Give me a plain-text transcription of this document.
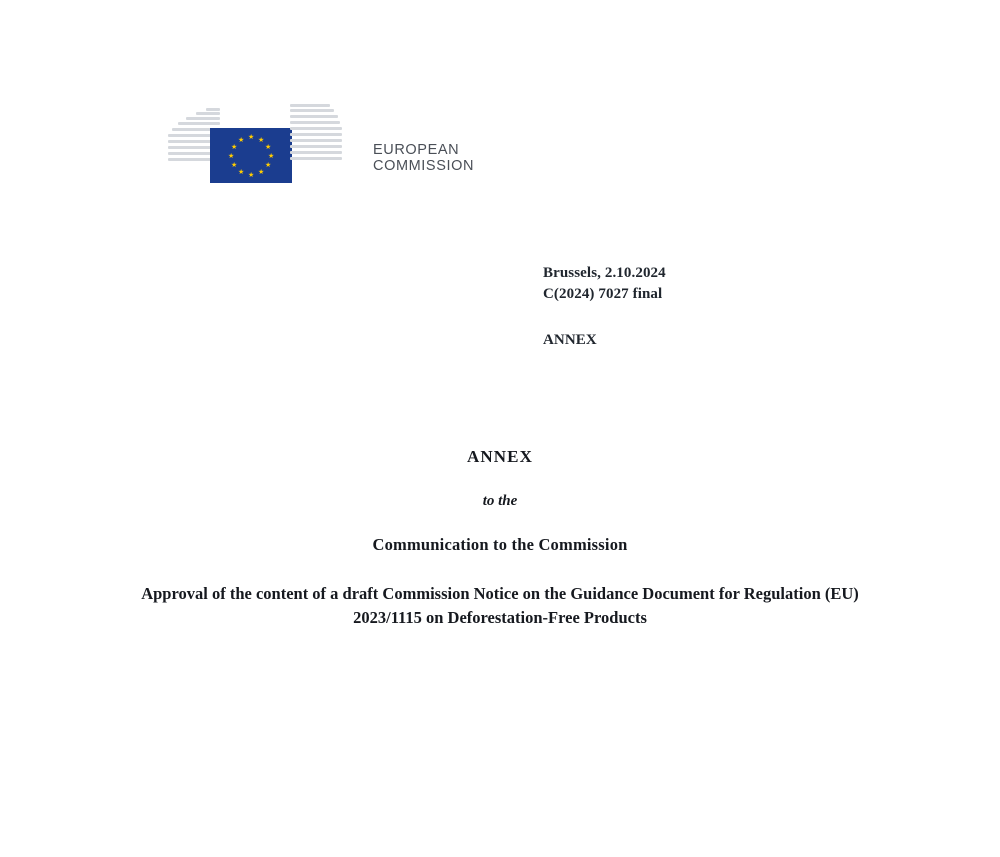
★ ★
★
★
★
★
★
★
★
★
★
★
EUROPEAN
COMMISSION
Brussels, 2.10.2024
C(2024) 7027 final
ANNEX
ANNEX
to the
Communication to the Commission
Approval of the content of a draft Commission Notice on the Guidance Document for Regulation (EU) 2023/1115 on Deforestation-Free Products
